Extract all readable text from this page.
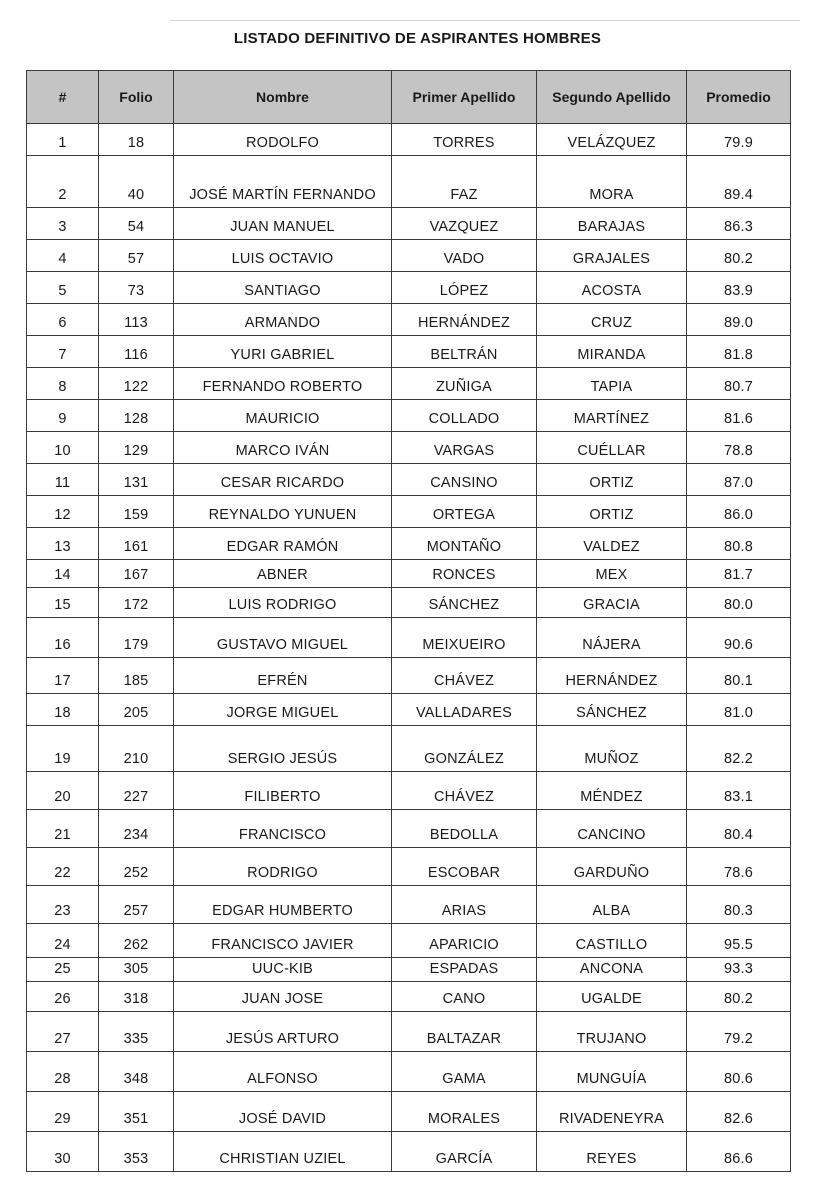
LISTADO DEFINITIVO DE ASPIRANTES HOMBRES
#	Folio	Nombre	Primer Apellido	Segundo Apellido	Promedio
1	18	RODOLFO	TORRES	VELÁZQUEZ	79.9
2	40	JOSÉ MARTÍN FERNANDO	FAZ	MORA	89.4
3	54	JUAN MANUEL	VAZQUEZ	BARAJAS	86.3
4	57	LUIS OCTAVIO	VADO	GRAJALES	80.2
5	73	SANTIAGO	LÓPEZ	ACOSTA	83.9
6	113	ARMANDO	HERNÁNDEZ	CRUZ	89.0
7	116	YURI GABRIEL	BELTRÁN	MIRANDA	81.8
8	122	FERNANDO ROBERTO	ZUÑIGA	TAPIA	80.7
9	128	MAURICIO	COLLADO	MARTÍNEZ	81.6
10	129	MARCO IVÁN	VARGAS	CUÉLLAR	78.8
11	131	CESAR RICARDO	CANSINO	ORTIZ	87.0
12	159	REYNALDO YUNUEN	ORTEGA	ORTIZ	86.0
13	161	EDGAR RAMÓN	MONTAÑO	VALDEZ	80.8
14	167	ABNER	RONCES	MEX	81.7
15	172	LUIS RODRIGO	SÁNCHEZ	GRACIA	80.0
16	179	GUSTAVO MIGUEL	MEIXUEIRO	NÁJERA	90.6
17	185	EFRÉN	CHÁVEZ	HERNÁNDEZ	80.1
18	205	JORGE MIGUEL	VALLADARES	SÁNCHEZ	81.0
19	210	SERGIO JESÚS	GONZÁLEZ	MUÑOZ	82.2
20	227	FILIBERTO	CHÁVEZ	MÉNDEZ	83.1
21	234	FRANCISCO	BEDOLLA	CANCINO	80.4
22	252	RODRIGO	ESCOBAR	GARDUÑO	78.6
23	257	EDGAR HUMBERTO	ARIAS	ALBA	80.3
24	262	FRANCISCO JAVIER	APARICIO	CASTILLO	95.5
25	305	UUC-KIB	ESPADAS	ANCONA	93.3
26	318	JUAN JOSE	CANO	UGALDE	80.2
27	335	JESÚS ARTURO	BALTAZAR	TRUJANO	79.2
28	348	ALFONSO	GAMA	MUNGUÍA	80.6
29	351	JOSÉ DAVID	MORALES	RIVADENEYRA	82.6
30	353	CHRISTIAN UZIEL	GARCÍA	REYES	86.6
